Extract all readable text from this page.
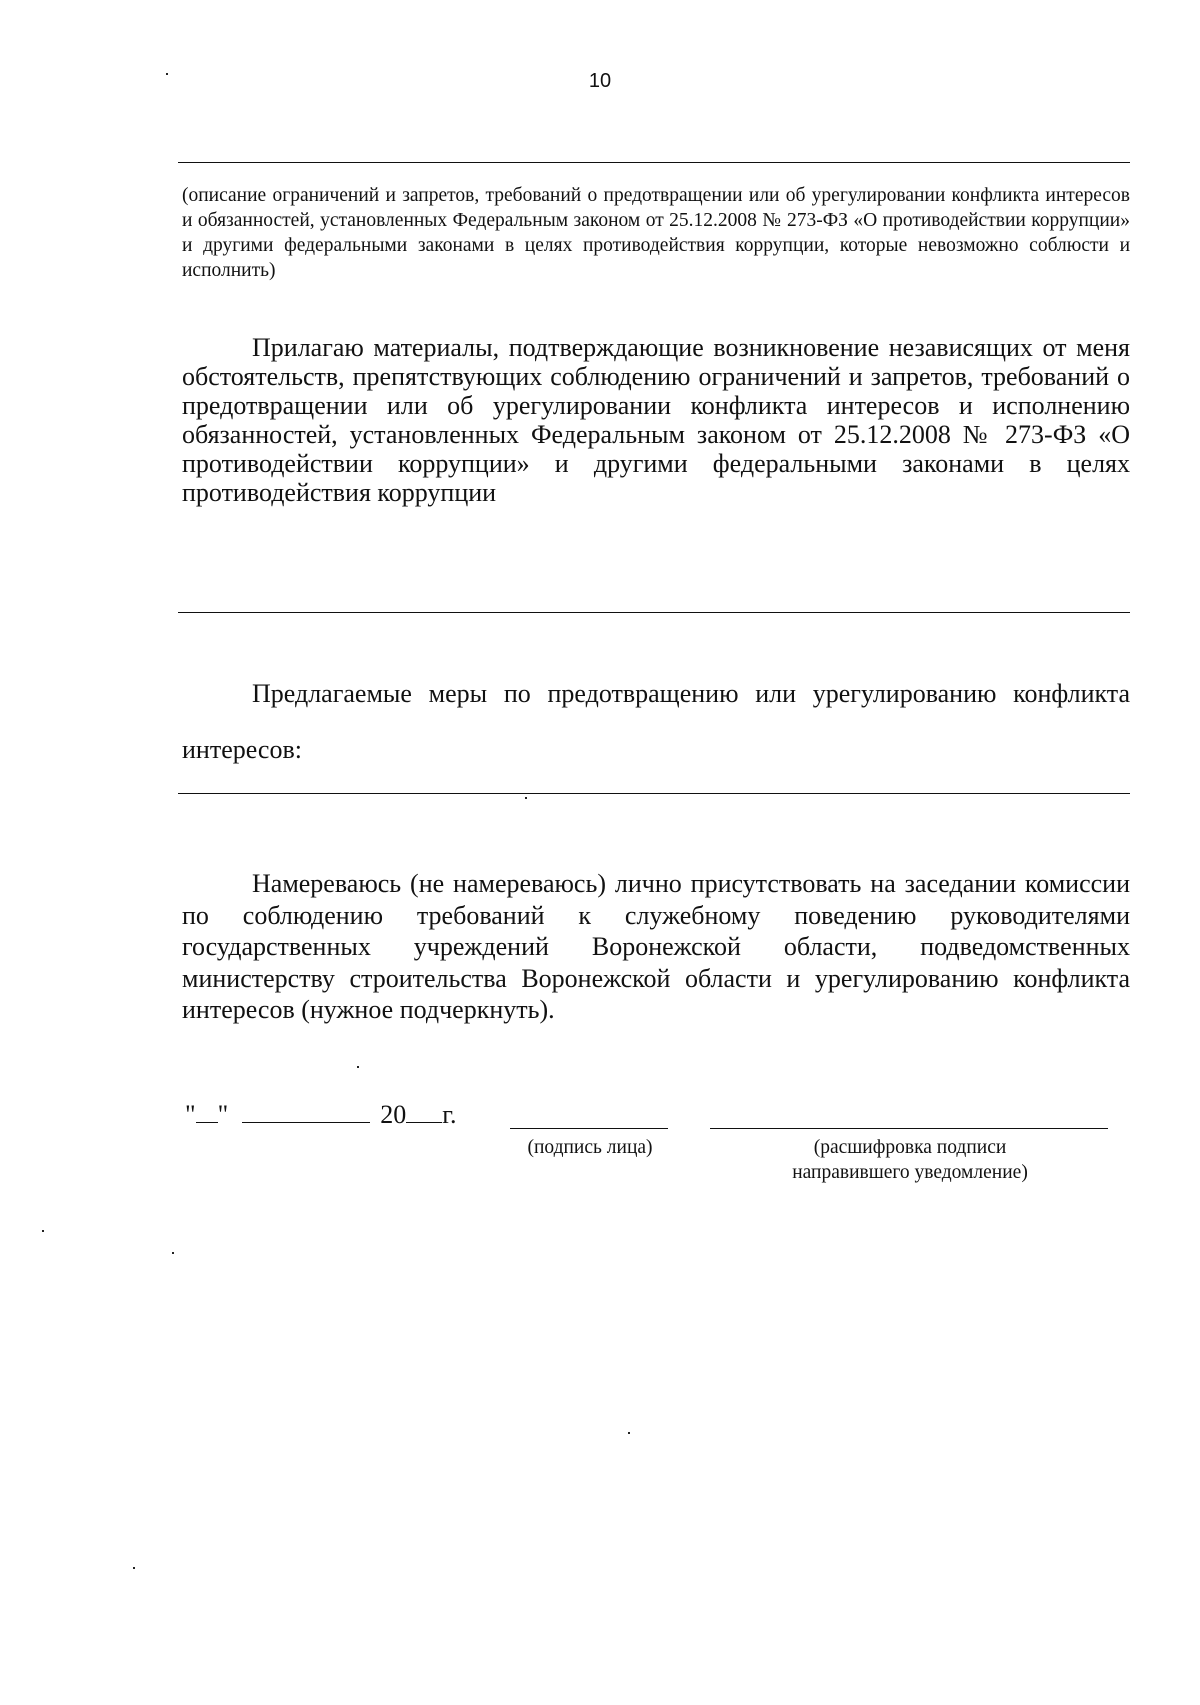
10
(описание ограничений и запретов, требований о предотвращении или об урегулировании конфликта интересов и обязанностей, установленных Федеральным законом от 25.12.2008 № 273-ФЗ «О противодействии коррупции» и другими федеральными законами в целях противодействия коррупции, которые невозможно соблюсти и исполнить)
Прилагаю материалы, подтверждающие возникновение независящих от меня обстоятельств, препятствующих соблюдению ограничений и запретов, требований о предотвращении или об урегулировании конфликта интересов и исполнению обязанностей, установленных Федеральным законом от 25.12.2008 № 273-ФЗ «О противодействии коррупции» и другими федеральными законами в целях противодействия коррупции
Предлагаемые меры по предотвращению или урегулированию конфликта интересов:
Намереваюсь (не намереваюсь) лично присутствовать на заседании комиссии по соблюдению требований к служебному поведению руководителями государственных учреждений Воронежской области, подведомственных министерству строительства Воронежской области и урегулированию конфликта интересов (нужное подчеркнуть).
" "	20 г.
(подпись лица)	(расшифровка подписи
направившего уведомление)
